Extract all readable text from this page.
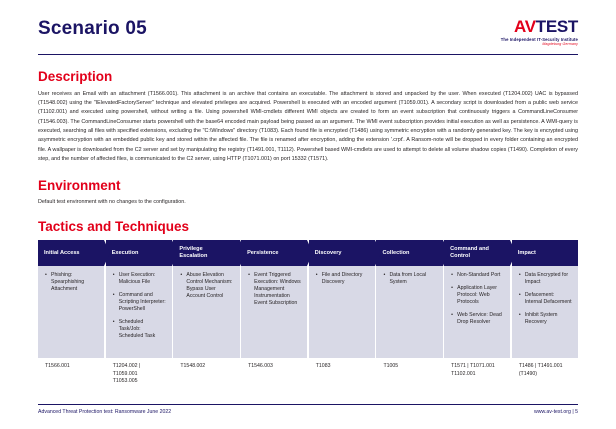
Scenario 05	AVTEST
The Independent IT-Security Institute
Magdeburg Germany
Description
User receives an Email with an attachment (T1566.001). This attachment is an archive that contains an executable. The attachment is stored and unpacked by the user. When executed (T1204.002) UAC is bypassed (T1548.002) using the "IElevatedFactoryServer" technique and elevated privileges are acquired. Powershell is executed with an encoded argument (T1059.001). A secondary script is downloaded from a public web service (T1102.001) and executed using powershell, without writing a file. Using powershell WMI-cmdlets different WMI objects are created to form an event subscription that continuously triggers a CommandLineConsumer (T1546.003). The CommandLineConsumer starts powershell with the base64 encoded main payload being passed as an argument. The WMI event subscription provides initial execution as well as persistence. A WMI-query is executed, searching all files with specified extensions, excluding the "C:\Windows" directory (T1083). Each found file is encrypted (T1486) using symmetric encryption with a randomly generated key. The key is encrypted using asymmetric encryption with an embedded public key and stored within the affected file. The file is renamed after encryption, adding the extension '.crpt'. A Ransom-note will be dropped in every folder containing an encrypted file. A wallpaper is downloaded from the C2 server and set by manipulating the registry (T1491.001, T1112). Powershell based WMI-cmdlets are used to attempt to delete all volume shadow copies (T1490). Completion of every step, and the number of affected files, is communicated to the C2 server, using HTTP (T1071.001) on port 15332 (T1571).
Environment
Default test environment with no changes to the configuration.
Tactics and Techniques
Initial Access
• Phishing: Spearphishing Attachment
T1566.001
Execution
• User Execution: Malicious File
• Command and Scripting Interpreter: PowerShell
• Scheduled Task/Job: Scheduled Task
T1204.002 | T1059.001
T1053.005
Privilege Escalation
• Abuse Elevation Control Mechanism: Bypass User Account Control
T1548.002
Persistence
• Event Triggered Execution: Windows Management Instrumentation Event Subscription
T1546.003
Discovery
• File and Directory Discovery
T1083
Collection
• Data from Local System
T1005
Command and Control
• Non-Standard Port
• Application Layer Protocol: Web Protocols
• Web Service: Dead Drop Resolver
T1571 | T1071.001
T1102.001
Impact
• Data Encrypted for Impact
• Defacement: Internal Defacement
• Inhibit System Recovery
T1486 | T1491.001
(T1490)
Advanced Threat Protection test: Ransomware June 2022	www.av-test.org | 5
